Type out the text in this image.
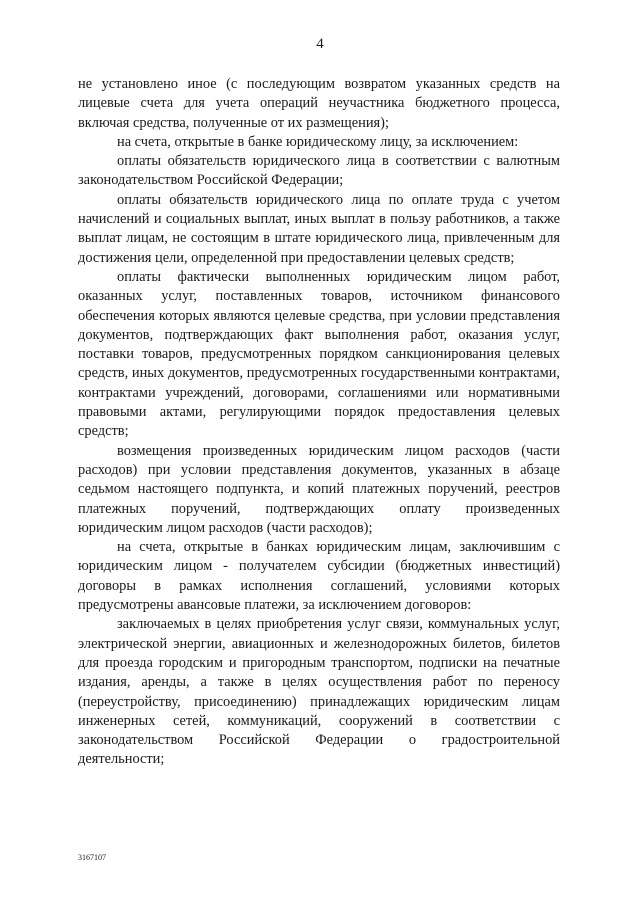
4

не установлено иное (с последующим возвратом указанных средств на лицевые счета для учета операций неучастника бюджетного процесса, включая средства, полученные от их размещения);

на счета, открытые в банке юридическому лицу, за исключением:

оплаты обязательств юридического лица в соответствии с валютным законодательством Российской Федерации;

оплаты обязательств юридического лица по оплате труда с учетом начислений и социальных выплат, иных выплат в пользу работников, а также выплат лицам, не состоящим в штате юридического лица, привлеченным для достижения цели, определенной при предоставлении целевых средств;

оплаты фактически выполненных юридическим лицом работ, оказанных услуг, поставленных товаров, источником финансового обеспечения которых являются целевые средства, при условии представления документов, подтверждающих факт выполнения работ, оказания услуг, поставки товаров, предусмотренных порядком санкционирования целевых средств, иных документов, предусмотренных государственными контрактами, контрактами учреждений, договорами, соглашениями или нормативными правовыми актами, регулирующими порядок предоставления целевых средств;

возмещения произведенных юридическим лицом расходов (части расходов) при условии представления документов, указанных в абзаце седьмом настоящего подпункта, и копий платежных поручений, реестров платежных поручений, подтверждающих оплату произведенных юридическим лицом расходов (части расходов);

на счета, открытые в банках юридическим лицам, заключившим с юридическим лицом - получателем субсидии (бюджетных инвестиций) договоры в рамках исполнения соглашений, условиями которых предусмотрены авансовые платежи, за исключением договоров:

заключаемых в целях приобретения услуг связи, коммунальных услуг, электрической энергии, авиационных и железнодорожных билетов, билетов для проезда городским и пригородным транспортом, подписки на печатные издания, аренды, а также в целях осуществления работ по переносу (переустройству, присоединению) принадлежащих юридическим лицам инженерных сетей, коммуникаций, сооружений в соответствии с законодательством Российской Федерации о градостроительной деятельности;

3167107
